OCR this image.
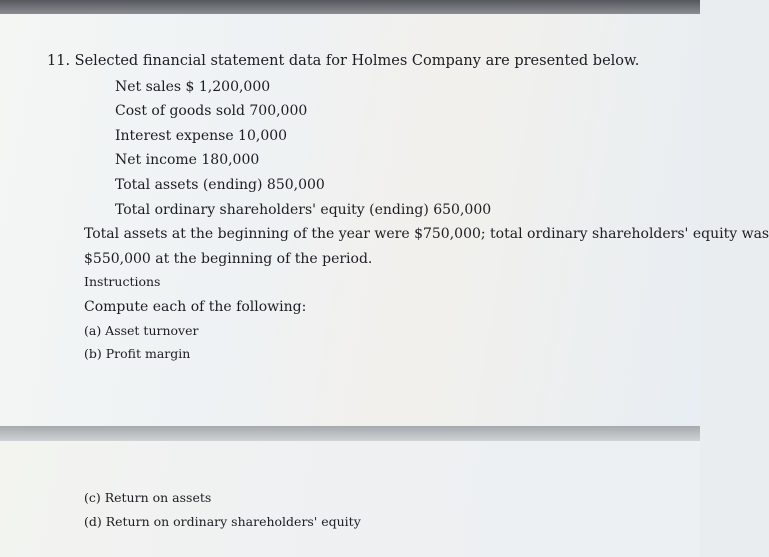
11. Selected financial statement data for Holmes Company are presented below.
Net sales $ 1,200,000
Cost of goods sold 700,000
Interest expense 10,000
Net income 180,000
Total assets (ending) 850,000
Total ordinary shareholders' equity (ending) 650,000
Total assets at the beginning of the year were $750,000; total ordinary shareholders' equity was
$550,000 at the beginning of the period.
Instructions
Compute each of the following:
(a) Asset turnover
(b) Profit margin
(c) Return on assets
(d) Return on ordinary shareholders' equity
